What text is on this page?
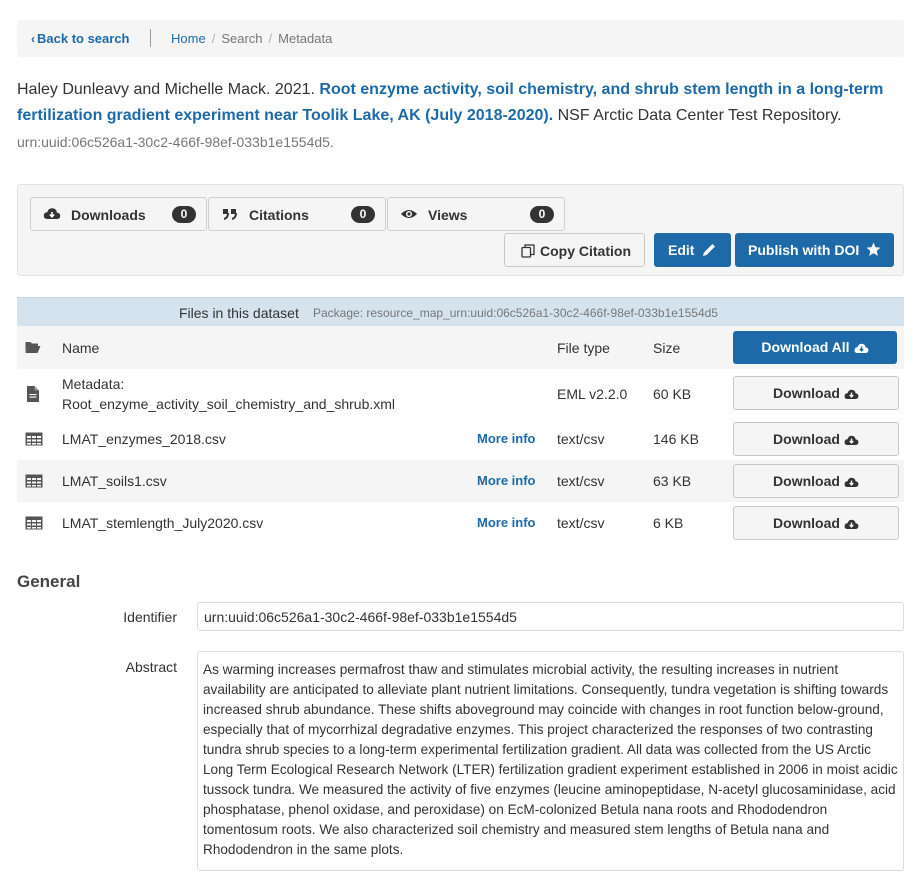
‹ Back to search	Home / Search / Metadata
Haley Dunleavy and Michelle Mack. 2021. Root enzyme activity, soil chemistry, and shrub stem length in a long-term fertilization gradient experiment near Toolik Lake, AK (July 2018-2020). NSF Arctic Data Center Test Repository. urn:uuid:06c526a1-30c2-466f-98ef-033b1e1554d5.
Downloads	0	Citations	0	Views	0
Copy Citation	Edit	Publish with DOI
Files in this dataset Package: resource_map_urn:uuid:06c526a1-30c2-466f-98ef-033b1e1554d5
Name	File type	Size	Download All
Metadata:
Root_enzyme_activity_soil_chemistry_and_shrub.xml
EML v2.2.0 60 KB	Download
LMAT_enzymes_2018.csv	More info text/csv	146 KB	Download
LMAT_soils1.csv	More info text/csv	63 KB	Download
LMAT_stemlength_July2020.csv	More info text/csv	6 KB	Download
General
Identifier	urn:uuid:06c526a1-30c2-466f-98ef-033b1e1554d5
Abstract	As warming increases permafrost thaw and stimulates microbial activity, the resulting increases in nutrient availability are anticipated to alleviate plant nutrient limitations. Consequently, tundra vegetation is shifting towards increased shrub abundance. These shifts aboveground may coincide with changes in root function below-ground, especially that of mycorrhizal degradative enzymes. This project characterized the responses of two contrasting tundra shrub species to a long-term experimental fertilization gradient. All data was collected from the US Arctic Long Term Ecological Research Network (LTER) fertilization gradient experiment established in 2006 in moist acidic tussock tundra. We measured the activity of five enzymes (leucine aminopeptidase, N-acetyl glucosaminidase, acid phosphatase, phenol oxidase, and peroxidase) on EcM-colonized Betula nana roots and Rhododendron tomentosum roots. We also characterized soil chemistry and measured stem lengths of Betula nana and Rhododendron in the same plots.
